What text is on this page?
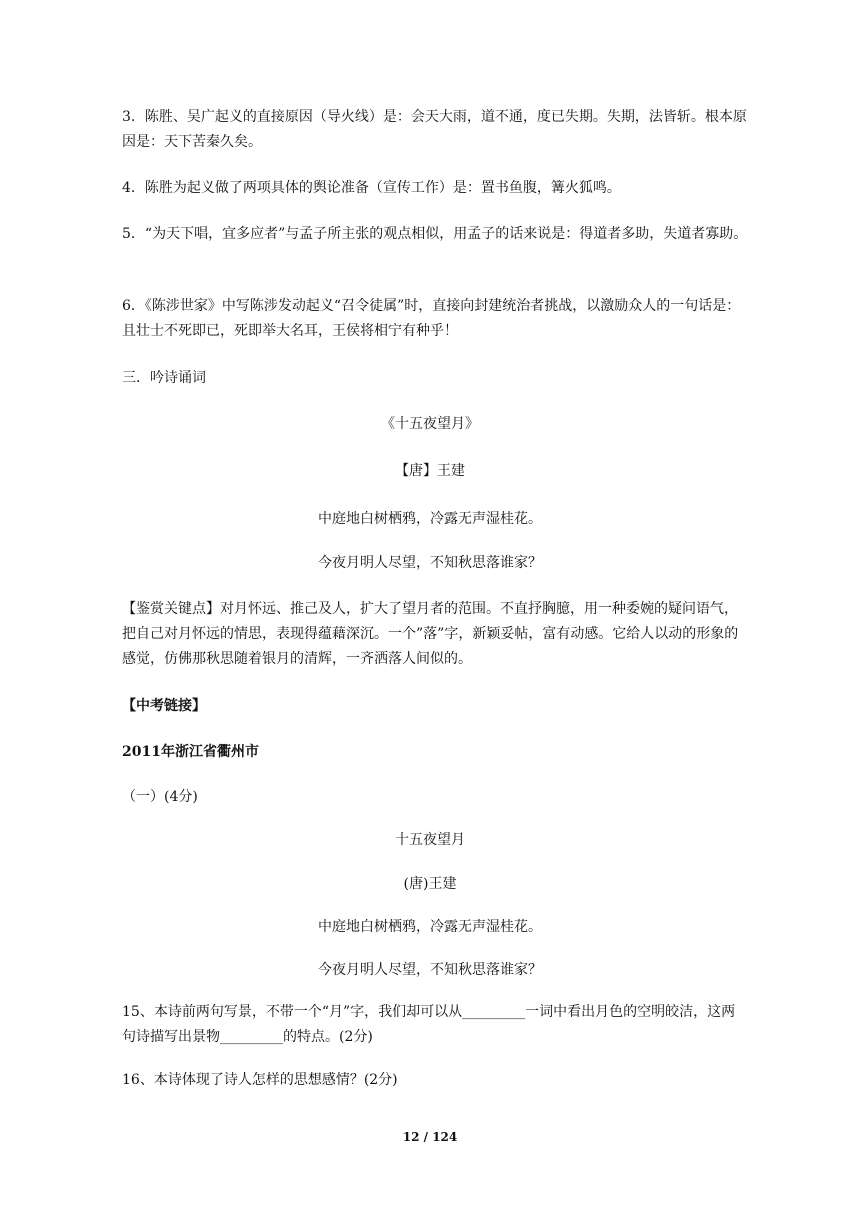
3．陈胜、吴广起义的直接原因（导火线）是：会天大雨，道不通，度已失期。失期，法皆斩。根本原因是：天下苦秦久矣。

4．陈胜为起义做了两项具体的舆论准备（宣传工作）是：置书鱼腹，篝火狐鸣。

5．“为天下唱，宜多应者”与孟子所主张的观点相似，用孟子的话来说是：得道者多助，失道者寡助。

6．《陈涉世家》中写陈涉发动起义“召令徒属”时，直接向封建统治者挑战，以激励众人的一句话是：且壮士不死即已，死即举大名耳，王侯将相宁有种乎！

三．吟诗诵词

《十五夜望月》

【唐】王建

中庭地白树栖鸦，冷露无声湿桂花。

今夜月明人尽望，不知秋思落谁家？

【鉴赏关键点】对月怀远、推己及人，扩大了望月者的范围。不直抒胸臆，用一种委婉的疑问语气，把自己对月怀远的情思，表现得蕴藉深沉。一个”落”字，新颖妥帖，富有动感。它给人以动的形象的感觉，仿佛那秋思随着银月的清辉，一齐洒落人间似的。

【中考链接】

2011年浙江省衢州市

（一）(4分)

十五夜望月

(唐)王建

中庭地白树栖鸦，冷露无声湿桂花。

今夜月明人尽望，不知秋思落谁家？

15、本诗前两句写景，不带一个“月”字，我们却可以从_________一词中看出月色的空明皎洁，这两句诗描写出景物_________的特点。(2分)

16、本诗体现了诗人怎样的思想感情？(2分)

12 / 124
